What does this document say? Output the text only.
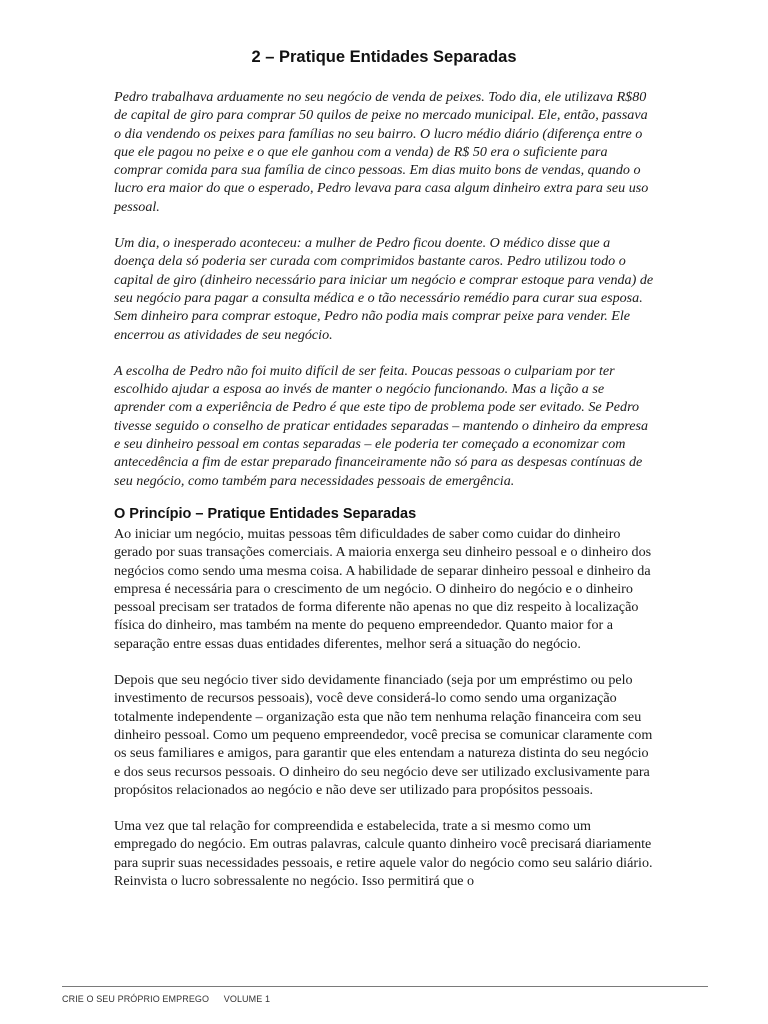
2 – Pratique Entidades Separadas

Pedro trabalhava arduamente no seu negócio de venda de peixes. Todo dia, ele utilizava R$80 de capital de giro para comprar 50 quilos de peixe no mercado municipal. Ele, então, passava o dia vendendo os peixes para famílias no seu bairro. O lucro médio diário (diferença entre o que ele pagou no peixe e o que ele ganhou com a venda) de R$ 50 era o suficiente para comprar comida para sua família de cinco pessoas. Em dias muito bons de vendas, quando o lucro era maior do que o esperado, Pedro levava para casa algum dinheiro extra para seu uso pessoal.

Um dia, o inesperado aconteceu: a mulher de Pedro ficou doente. O médico disse que a doença dela só poderia ser curada com comprimidos bastante caros. Pedro utilizou todo o capital de giro (dinheiro necessário para iniciar um negócio e comprar estoque para venda) de seu negócio para pagar a consulta médica e o tão necessário remédio para curar sua esposa. Sem dinheiro para comprar estoque, Pedro não podia mais comprar peixe para vender. Ele encerrou as atividades de seu negócio.

A escolha de Pedro não foi muito difícil de ser feita. Poucas pessoas o culpariam por ter escolhido ajudar a esposa ao invés de manter o negócio funcionando. Mas a lição a se aprender com a experiência de Pedro é que este tipo de problema pode ser evitado. Se Pedro tivesse seguido o conselho de praticar entidades separadas – mantendo o dinheiro da empresa e seu dinheiro pessoal em contas separadas – ele poderia ter começado a economizar com antecedência a fim de estar preparado financeiramente não só para as despesas contínuas de seu negócio, como também para necessidades pessoais de emergência.

O Princípio – Pratique Entidades Separadas

Ao iniciar um negócio, muitas pessoas têm dificuldades de saber como cuidar do dinheiro gerado por suas transações comerciais. A maioria enxerga seu dinheiro pessoal e o dinheiro dos negócios como sendo uma mesma coisa. A habilidade de separar dinheiro pessoal e dinheiro da empresa é necessária para o crescimento de um negócio. O dinheiro do negócio e o dinheiro pessoal precisam ser tratados de forma diferente não apenas no que diz respeito à localização física do dinheiro, mas também na mente do pequeno empreendedor. Quanto maior for a separação entre essas duas entidades diferentes, melhor será a situação do negócio.

Depois que seu negócio tiver sido devidamente financiado (seja por um empréstimo ou pelo investimento de recursos pessoais), você deve considerá-lo como sendo uma organização totalmente independente – organização esta que não tem nenhuma relação financeira com seu dinheiro pessoal. Como um pequeno empreendedor, você precisa se comunicar claramente com os seus familiares e amigos, para garantir que eles entendam a natureza distinta do seu negócio e dos seus recursos pessoais. O dinheiro do seu negócio deve ser utilizado exclusivamente para propósitos relacionados ao negócio e não deve ser utilizado para propósitos pessoais.

Uma vez que tal relação for compreendida e estabelecida, trate a si mesmo como um empregado do negócio. Em outras palavras, calcule quanto dinheiro você precisará diariamente para suprir suas necessidades pessoais, e retire aquele valor do negócio como seu salário diário. Reinvista o lucro sobressalente no negócio. Isso permitirá que o

CRIE O SEU PRÓPRIO EMPREGO VOLUME 1
